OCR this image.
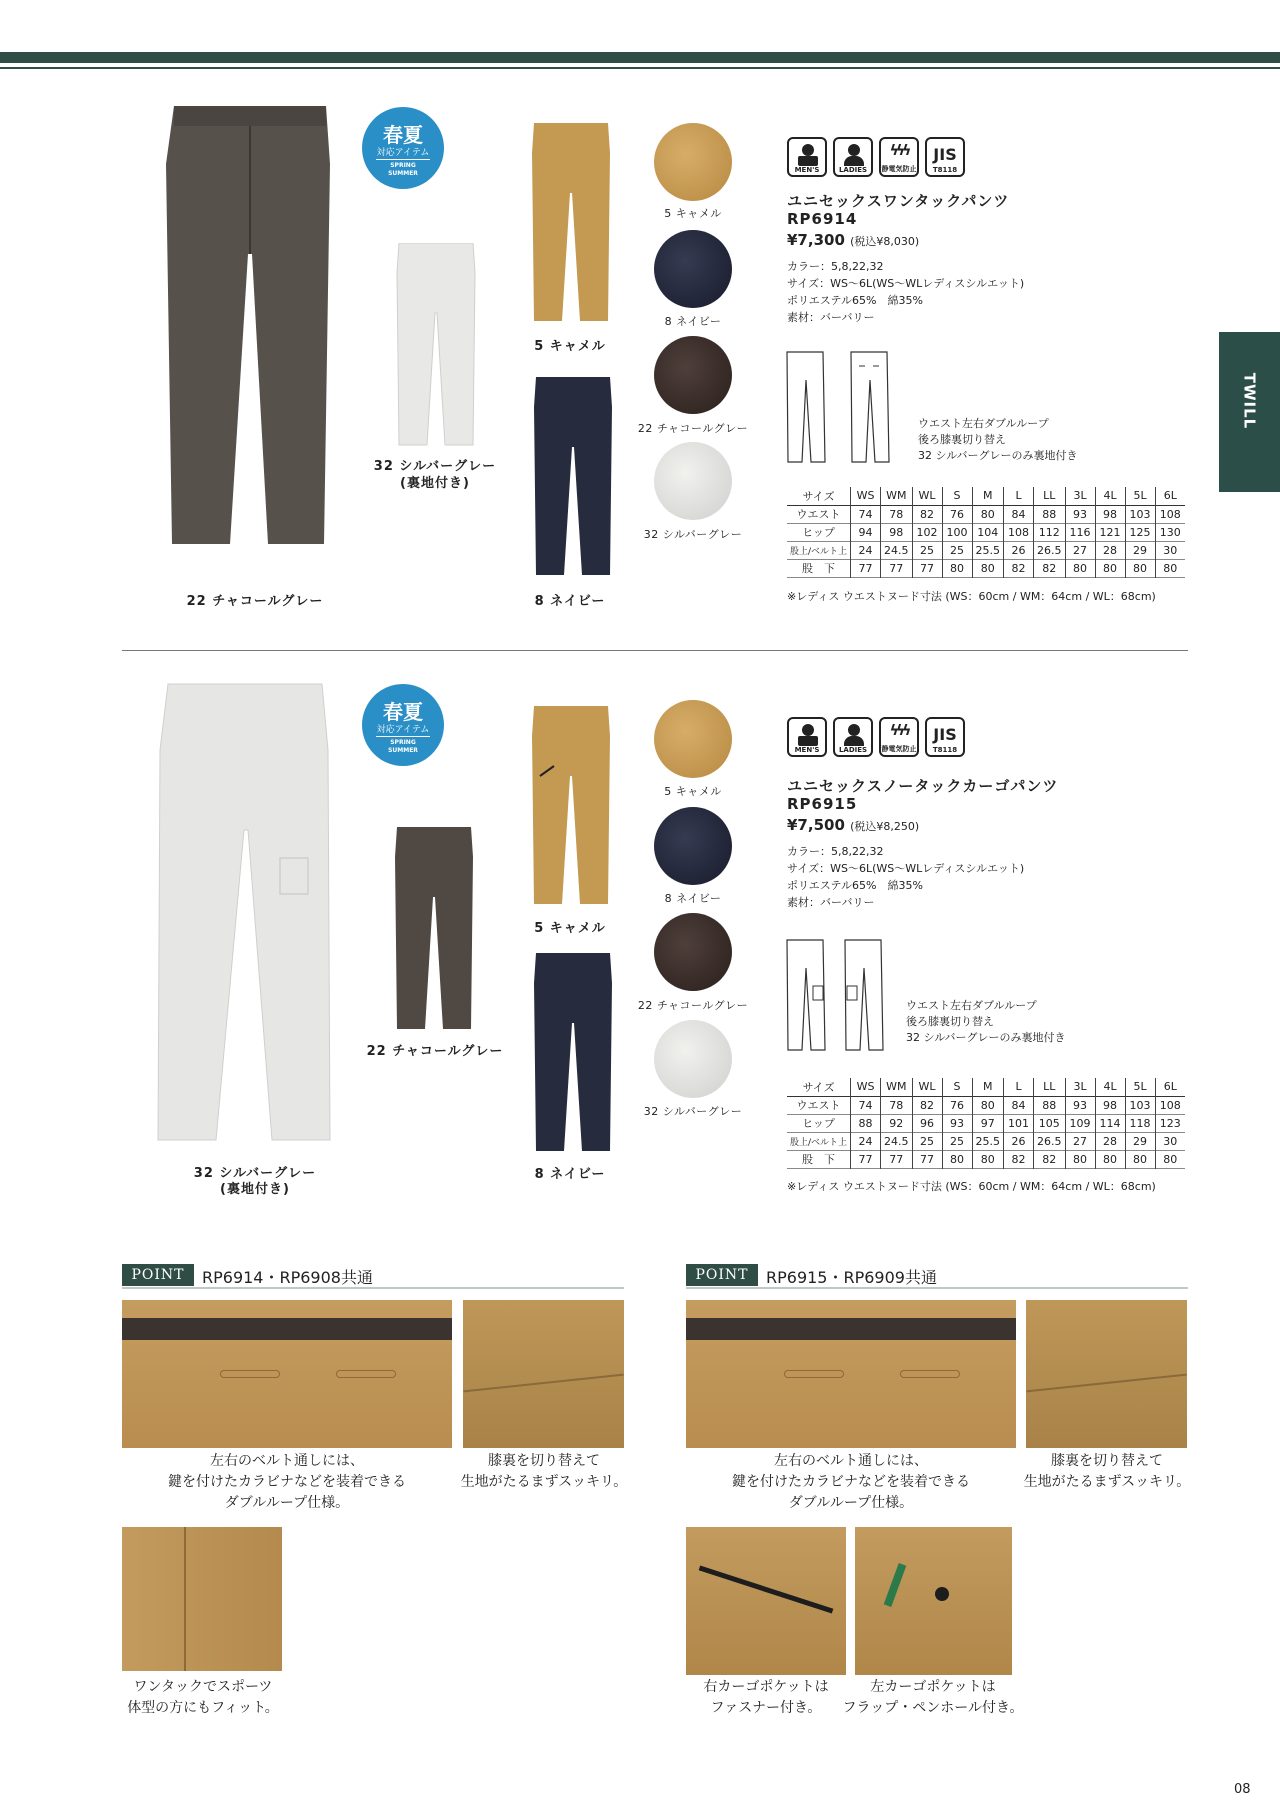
TWILL
22 チャコールグレー
春夏
対応アイテム
SPRING
SUMMER
32 シルバーグレー
(裏地付き)
5 キャメル
8 ネイビー
5 キャメル
8 ネイビー
22 チャコールグレー
32 シルバーグレー
MEN'S	LADIES
ϟϟϟ
静電気防止
JIS
T8118
ユニセックスワンタックパンツ
RP6914
¥7,300 (税込¥8,030)
カラー：5,8,22,32
サイズ：WS〜6L(WS〜WLレディスシルエット)
ポリエステル65%　綿35%
素材：バーバリー
ウエスト左右ダブルループ
後ろ膝裏切り替え
32 シルバーグレーのみ裏地付き
サイズ	WS	WM	WL	S	M	L	LL	3L	4L	5L	6L
ウエスト	74	78	82	76	80	84	88	93	98	103	108
ヒップ	94	98	102	100	104	108	112	116	121	125	130
股上/ベルト上	24	24.5	25	25	25.5	26	26.5	27	28	29	30
股　下	77	77	77	80	80	82	82	80	80	80	80
※レディス ウエストヌード寸法 (WS：60cm / WM：64cm / WL：68cm)
32 シルバーグレー
(裏地付き)
春夏
対応アイテム
SPRING
SUMMER
22 チャコールグレー
5 キャメル
8 ネイビー
5 キャメル
8 ネイビー
22 チャコールグレー
32 シルバーグレー
MEN'S	LADIES
ϟϟϟ
静電気防止
JIS
T8118
ユニセックスノータックカーゴパンツ
RP6915
¥7,500 (税込¥8,250)
カラー：5,8,22,32
サイズ：WS〜6L(WS〜WLレディスシルエット)
ポリエステル65%　綿35%
素材：バーバリー
ウエスト左右ダブルループ
後ろ膝裏切り替え
32 シルバーグレーのみ裏地付き
サイズ	WS	WM	WL	S	M	L	LL	3L	4L	5L	6L
ウエスト	74	78	82	76	80	84	88	93	98	103	108
ヒップ	88	92	96	93	97	101	105	109	114	118	123
股上/ベルト上	24	24.5	25	25	25.5	26	26.5	27	28	29	30
股　下	77	77	77	80	80	82	82	80	80	80	80
※レディス ウエストヌード寸法 (WS：60cm / WM：64cm / WL：68cm)
POINT	RP6914・RP6908共通
左右のベルト通しには、
鍵を付けたカラビナなどを装着できる
ダブルループ仕様。
膝裏を切り替えて
生地がたるまずスッキリ。
ワンタックでスポーツ
体型の方にもフィット。
POINT	RP6915・RP6909共通
左右のベルト通しには、
鍵を付けたカラビナなどを装着できる
ダブルループ仕様。
膝裏を切り替えて
生地がたるまずスッキリ。
右カーゴポケットは
ファスナー付き。
左カーゴポケットは
フラップ・ペンホール付き。
08
